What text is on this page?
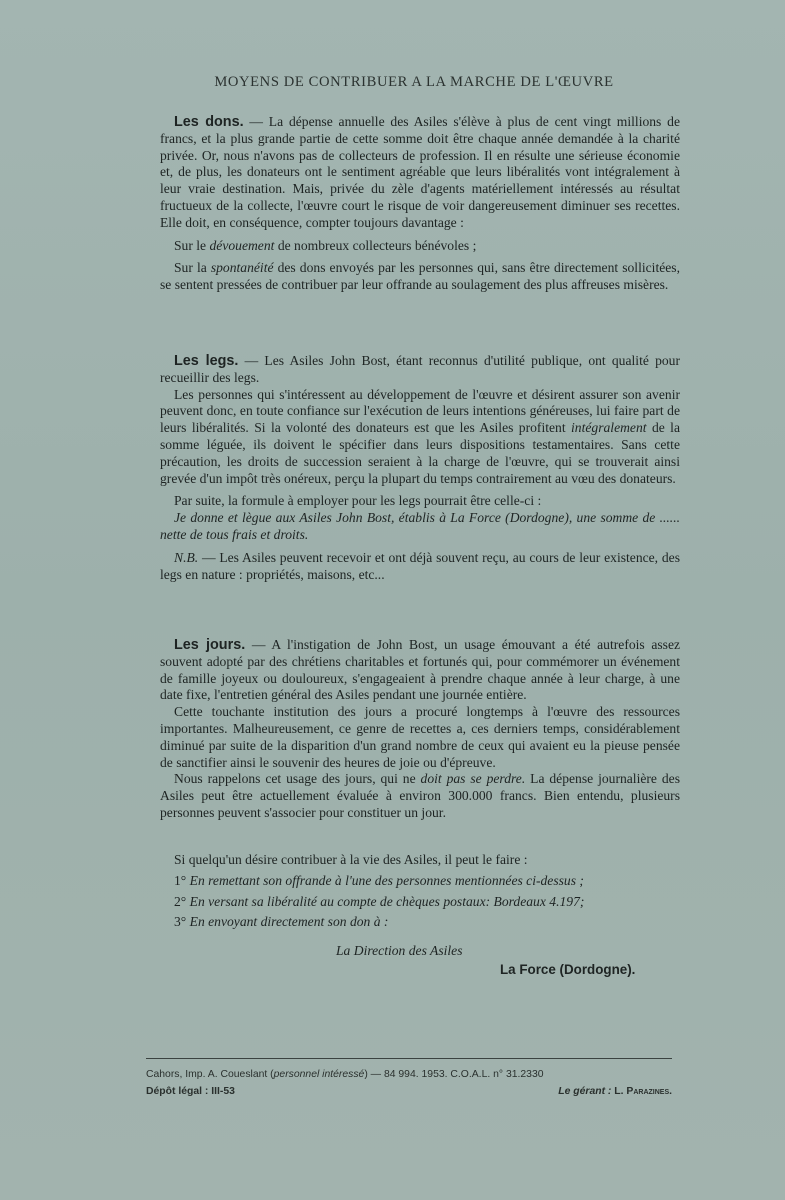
MOYENS DE CONTRIBUER A LA MARCHE DE L'ŒUVRE

Les dons. — La dépense annuelle des Asiles s'élève à plus de cent vingt millions de francs, et la plus grande partie de cette somme doit être chaque année demandée à la charité privée. Or, nous n'avons pas de collecteurs de profession. Il en résulte une sérieuse économie et, de plus, les donateurs ont le sentiment agréable que leurs libéralités vont intégralement à leur vraie destination. Mais, privée du zèle d'agents matériellement intéressés au résultat fructueux de la collecte, l'œuvre court le risque de voir dangereusement diminuer ses recettes. Elle doit, en conséquence, compter toujours davantage :

Sur le dévouement de nombreux collecteurs bénévoles ;

Sur la spontanéité des dons envoyés par les personnes qui, sans être directement sollicitées, se sentent pressées de contribuer par leur offrande au soulagement des plus affreuses misères.

Les legs. — Les Asiles John Bost, étant reconnus d'utilité publique, ont qualité pour recueillir des legs.

Les personnes qui s'intéressent au développement de l'œuvre et désirent assurer son avenir peuvent donc, en toute confiance sur l'exécution de leurs intentions généreuses, lui faire part de leurs libéralités. Si la volonté des donateurs est que les Asiles profitent intégralement de la somme léguée, ils doivent le spécifier dans leurs dispositions testamentaires. Sans cette précaution, les droits de succession seraient à la charge de l'œuvre, qui se trouverait ainsi grevée d'un impôt très onéreux, perçu la plupart du temps contrairement au vœu des donateurs.

Par suite, la formule à employer pour les legs pourrait être celle-ci :

Je donne et lègue aux Asiles John Bost, établis à La Force (Dordogne), une somme de ...... nette de tous frais et droits.

N.B. — Les Asiles peuvent recevoir et ont déjà souvent reçu, au cours de leur existence, des legs en nature : propriétés, maisons, etc...

Les jours. — A l'instigation de John Bost, un usage émouvant a été autrefois assez souvent adopté par des chrétiens charitables et fortunés qui, pour commémorer un événement de famille joyeux ou douloureux, s'engageaient à prendre chaque année à leur charge, à une date fixe, l'entretien général des Asiles pendant une journée entière.

Cette touchante institution des jours a procuré longtemps à l'œuvre des ressources importantes. Malheureusement, ce genre de recettes a, ces derniers temps, considérablement diminué par suite de la disparition d'un grand nombre de ceux qui avaient eu la pieuse pensée de sanctifier ainsi le souvenir des heures de joie ou d'épreuve.

Nous rappelons cet usage des jours, qui ne doit pas se perdre. La dépense journalière des Asiles peut être actuellement évaluée à environ 300.000 francs. Bien entendu, plusieurs personnes peuvent s'associer pour constituer un jour.

Si quelqu'un désire contribuer à la vie des Asiles, il peut le faire :

1° En remettant son offrande à l'une des personnes mentionnées ci-dessus ;

2° En versant sa libéralité au compte de chèques postaux: Bordeaux 4.197;

3° En envoyant directement son don à :

La Direction des Asiles
La Force (Dordogne).
Cahors, Imp. A. Coueslant (personnel intéressé) — 84 994. 1953. C.O.A.L. n° 31.2330
Dépôt légal : III-53	Le gérant : L. Parazines.
